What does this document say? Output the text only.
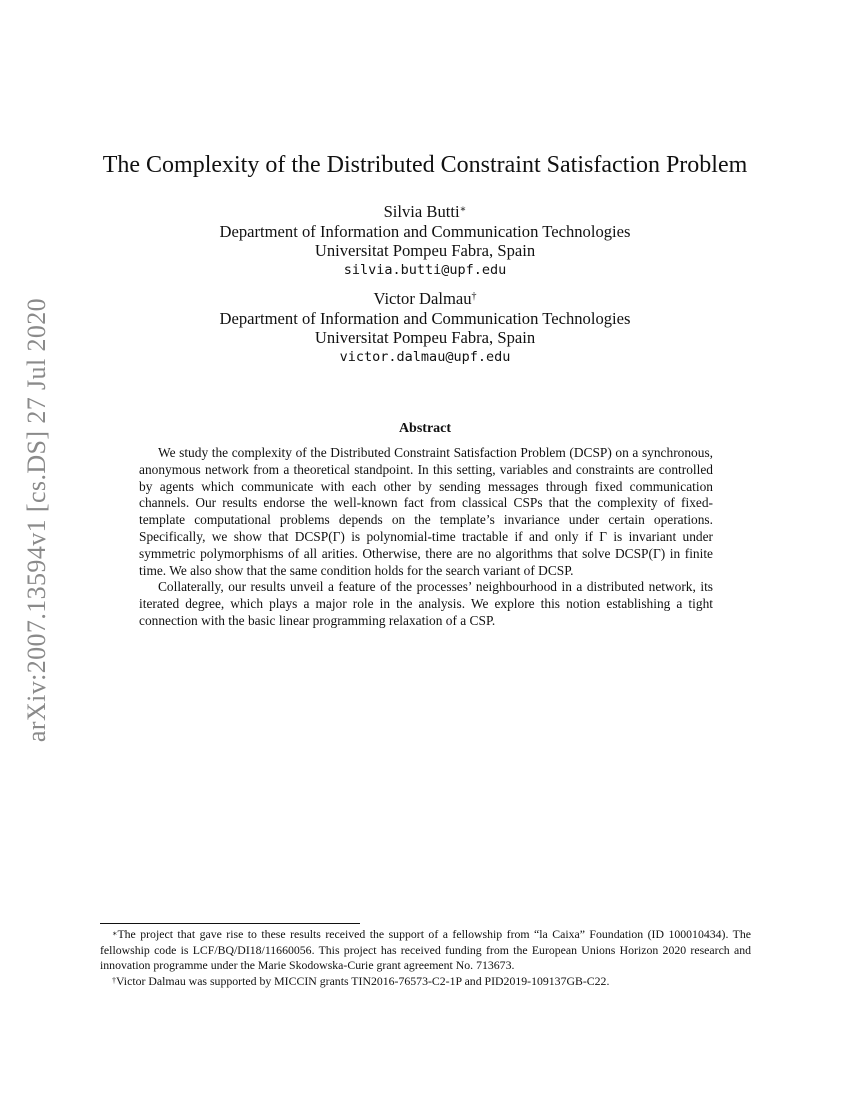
arXiv:2007.13594v1 [cs.DS] 27 Jul 2020
The Complexity of the Distributed Constraint Satisfaction Problem
Silvia Butti∗
Department of Information and Communication Technologies
Universitat Pompeu Fabra, Spain
silvia.butti@upf.edu
Victor Dalmau†
Department of Information and Communication Technologies
Universitat Pompeu Fabra, Spain
victor.dalmau@upf.edu
Abstract

We study the complexity of the Distributed Constraint Satisfaction Problem (DCSP) on a synchronous, anonymous network from a theoretical standpoint. In this setting, variables and constraints are controlled by agents which communicate with each other by sending messages through fixed communication channels. Our results endorse the well-known fact from classical CSPs that the complexity of fixed-template computational problems depends on the template’s invariance under certain operations. Specifically, we show that DCSP(Γ) is polynomial-time tractable if and only if Γ is invariant under symmetric polymorphisms of all arities. Otherwise, there are no algorithms that solve DCSP(Γ) in finite time. We also show that the same condition holds for the search variant of DCSP.

Collaterally, our results unveil a feature of the processes’ neighbourhood in a distributed network, its iterated degree, which plays a major role in the analysis. We explore this notion establishing a tight connection with the basic linear programming relaxation of a CSP.

∗The project that gave rise to these results received the support of a fellowship from “la Caixa” Foundation (ID 100010434). The fellowship code is LCF/BQ/DI18/11660056. This project has received funding from the European Unions Horizon 2020 research and innovation programme under the Marie Skodowska-Curie grant agreement No. 713673.

†Victor Dalmau was supported by MICCIN grants TIN2016-76573-C2-1P and PID2019-109137GB-C22.
